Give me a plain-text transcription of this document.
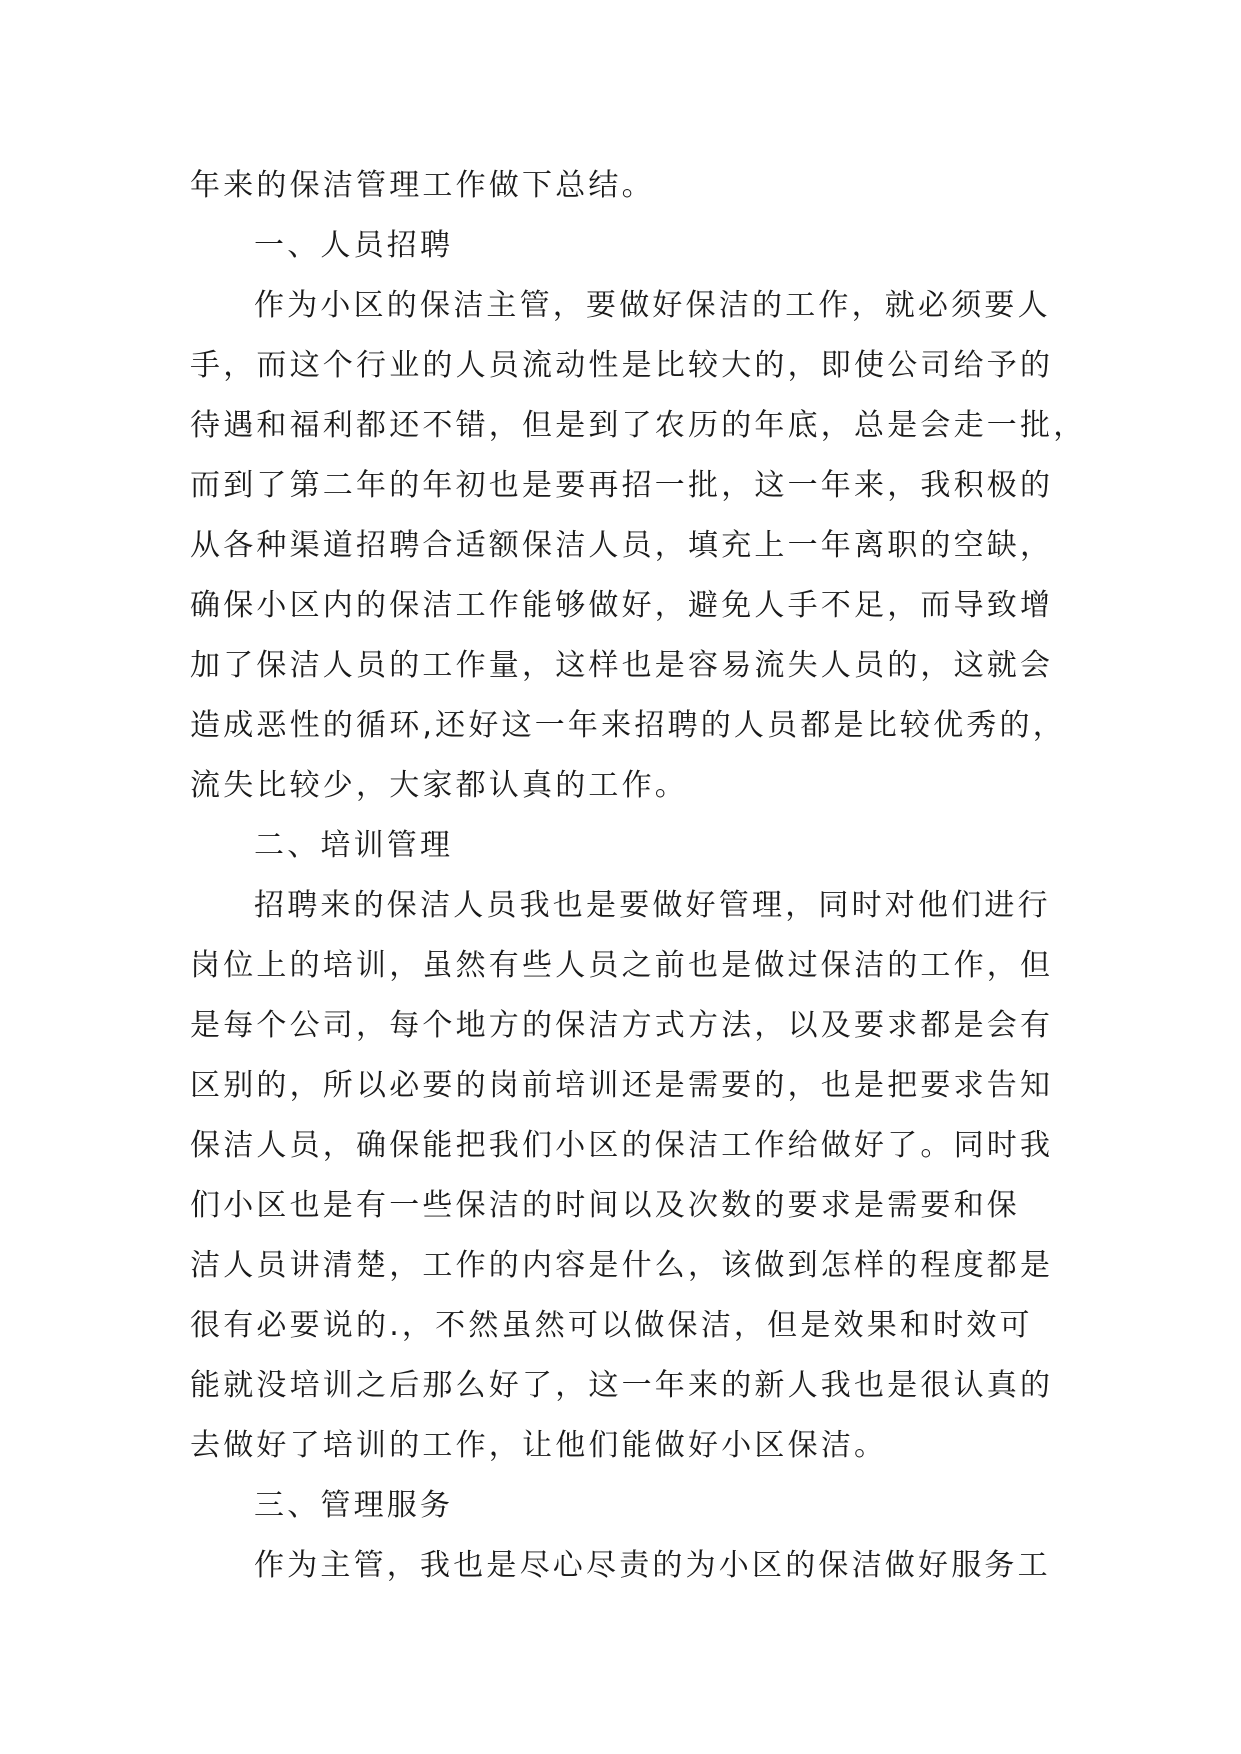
年来的保洁管理工作做下总结。
一、人员招聘
作为小区的保洁主管，要做好保洁的工作，就必须要人
手，而这个行业的人员流动性是比较大的，即使公司给予的
待遇和福利都还不错，但是到了农历的年底，总是会走一批，
而到了第二年的年初也是要再招一批，这一年来，我积极的
从各种渠道招聘合适额保洁人员，填充上一年离职的空缺，
确保小区内的保洁工作能够做好，避免人手不足，而导致增
加了保洁人员的工作量，这样也是容易流失人员的，这就会
造成恶性的循环,还好这一年来招聘的人员都是比较优秀的，
流失比较少，大家都认真的工作。
二、培训管理
招聘来的保洁人员我也是要做好管理，同时对他们进行
岗位上的培训，虽然有些人员之前也是做过保洁的工作，但
是每个公司，每个地方的保洁方式方法，以及要求都是会有
区别的，所以必要的岗前培训还是需要的，也是把要求告知
保洁人员，确保能把我们小区的保洁工作给做好了。同时我
们小区也是有一些保洁的时间以及次数的要求是需要和保
洁人员讲清楚，工作的内容是什么，该做到怎样的程度都是
很有必要说的.，不然虽然可以做保洁，但是效果和时效可
能就没培训之后那么好了，这一年来的新人我也是很认真的
去做好了培训的工作，让他们能做好小区保洁。
三、管理服务
作为主管，我也是尽心尽责的为小区的保洁做好服务工
